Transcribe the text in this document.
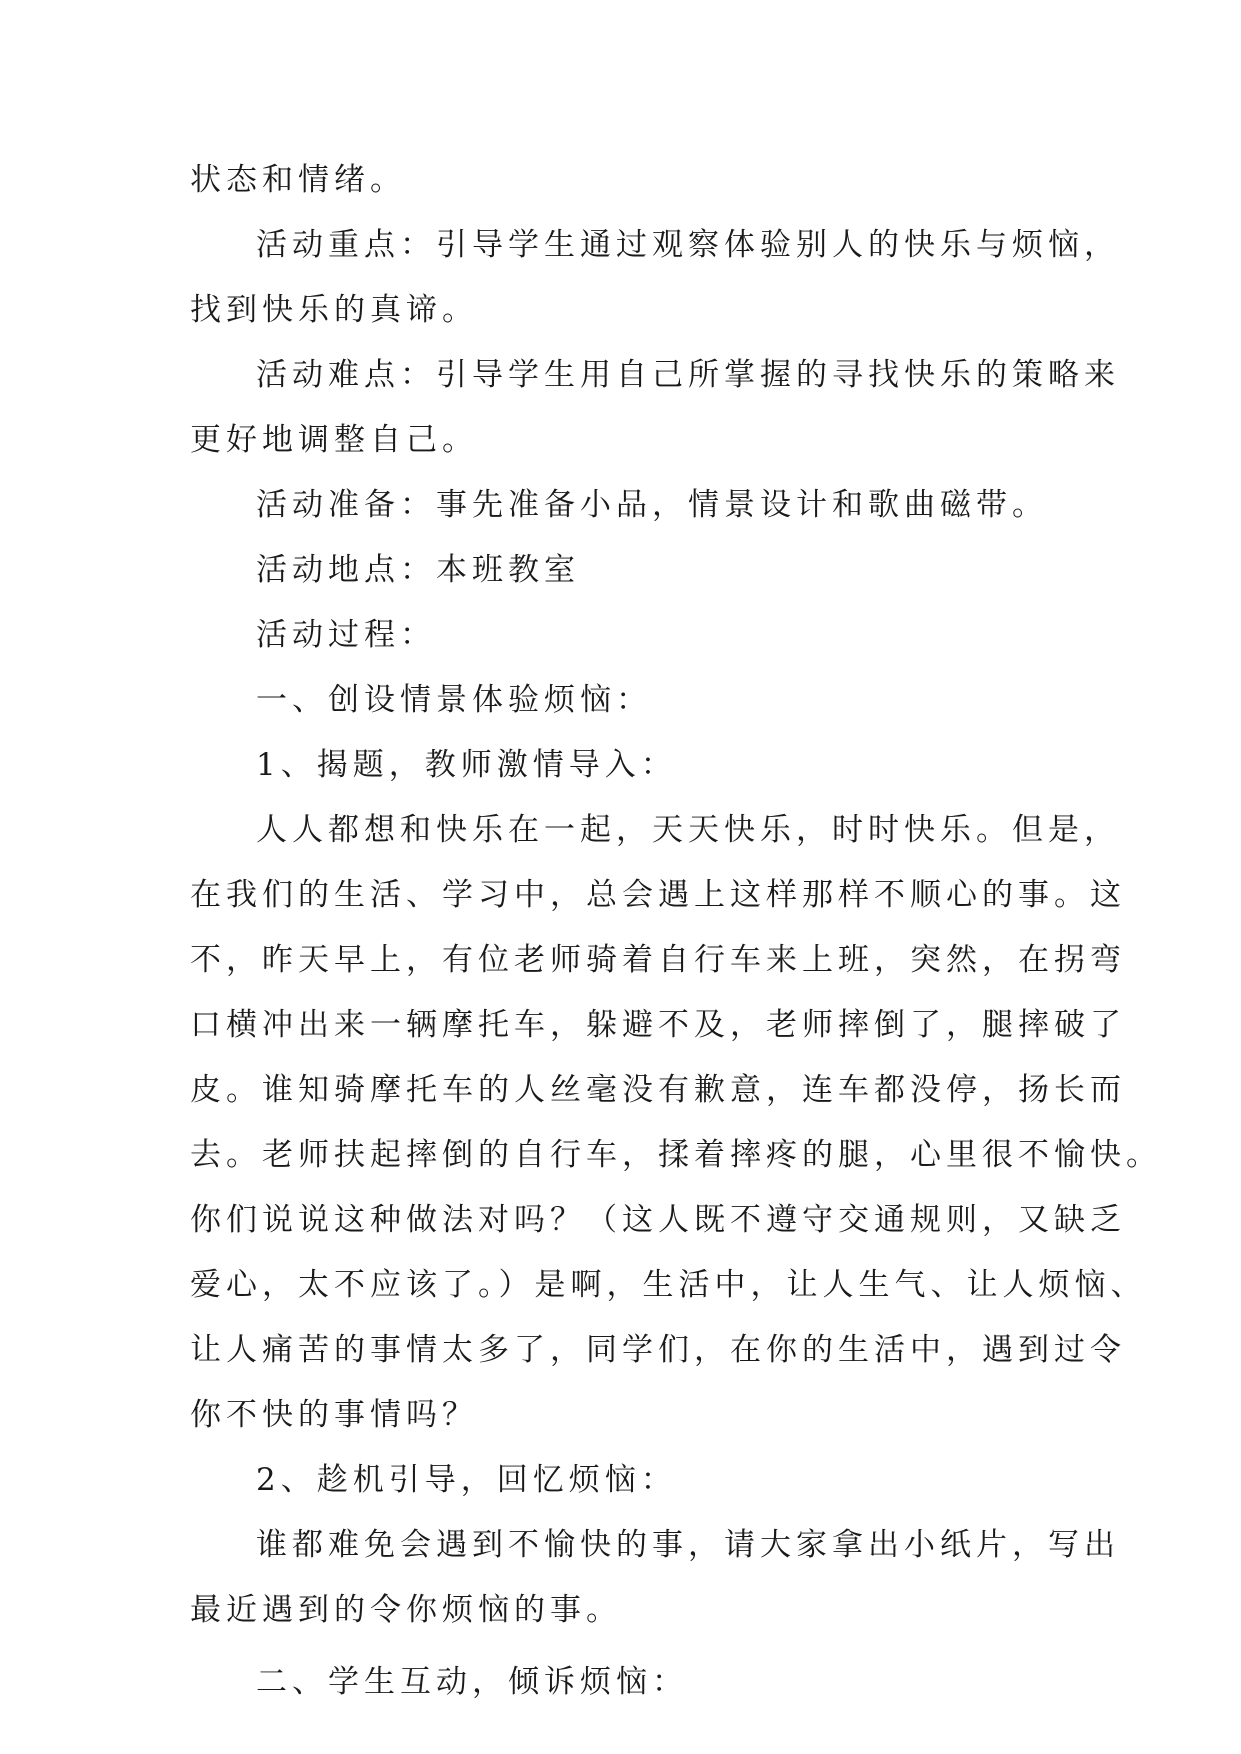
状态和情绪。
活动重点：引导学生通过观察体验别人的快乐与烦恼，
找到快乐的真谛。
活动难点：引导学生用自己所掌握的寻找快乐的策略来
更好地调整自己。
活动准备：事先准备小品，情景设计和歌曲磁带。
活动地点：本班教室
活动过程：
一、创设情景体验烦恼：
1、揭题，教师激情导入：
人人都想和快乐在一起，天天快乐，时时快乐。但是，
在我们的生活、学习中，总会遇上这样那样不顺心的事。这
不，昨天早上，有位老师骑着自行车来上班，突然，在拐弯
口横冲出来一辆摩托车，躲避不及，老师摔倒了，腿摔破了
皮。谁知骑摩托车的人丝毫没有歉意，连车都没停，扬长而
去。老师扶起摔倒的自行车，揉着摔疼的腿，心里很不愉快。
你们说说这种做法对吗？（这人既不遵守交通规则，又缺乏
爱心，太不应该了。）是啊，生活中，让人生气、让人烦恼、
让人痛苦的事情太多了，同学们，在你的生活中，遇到过令
你不快的事情吗？
2、趁机引导，回忆烦恼：
谁都难免会遇到不愉快的事，请大家拿出小纸片，写出
最近遇到的令你烦恼的事。
二、学生互动，倾诉烦恼：
